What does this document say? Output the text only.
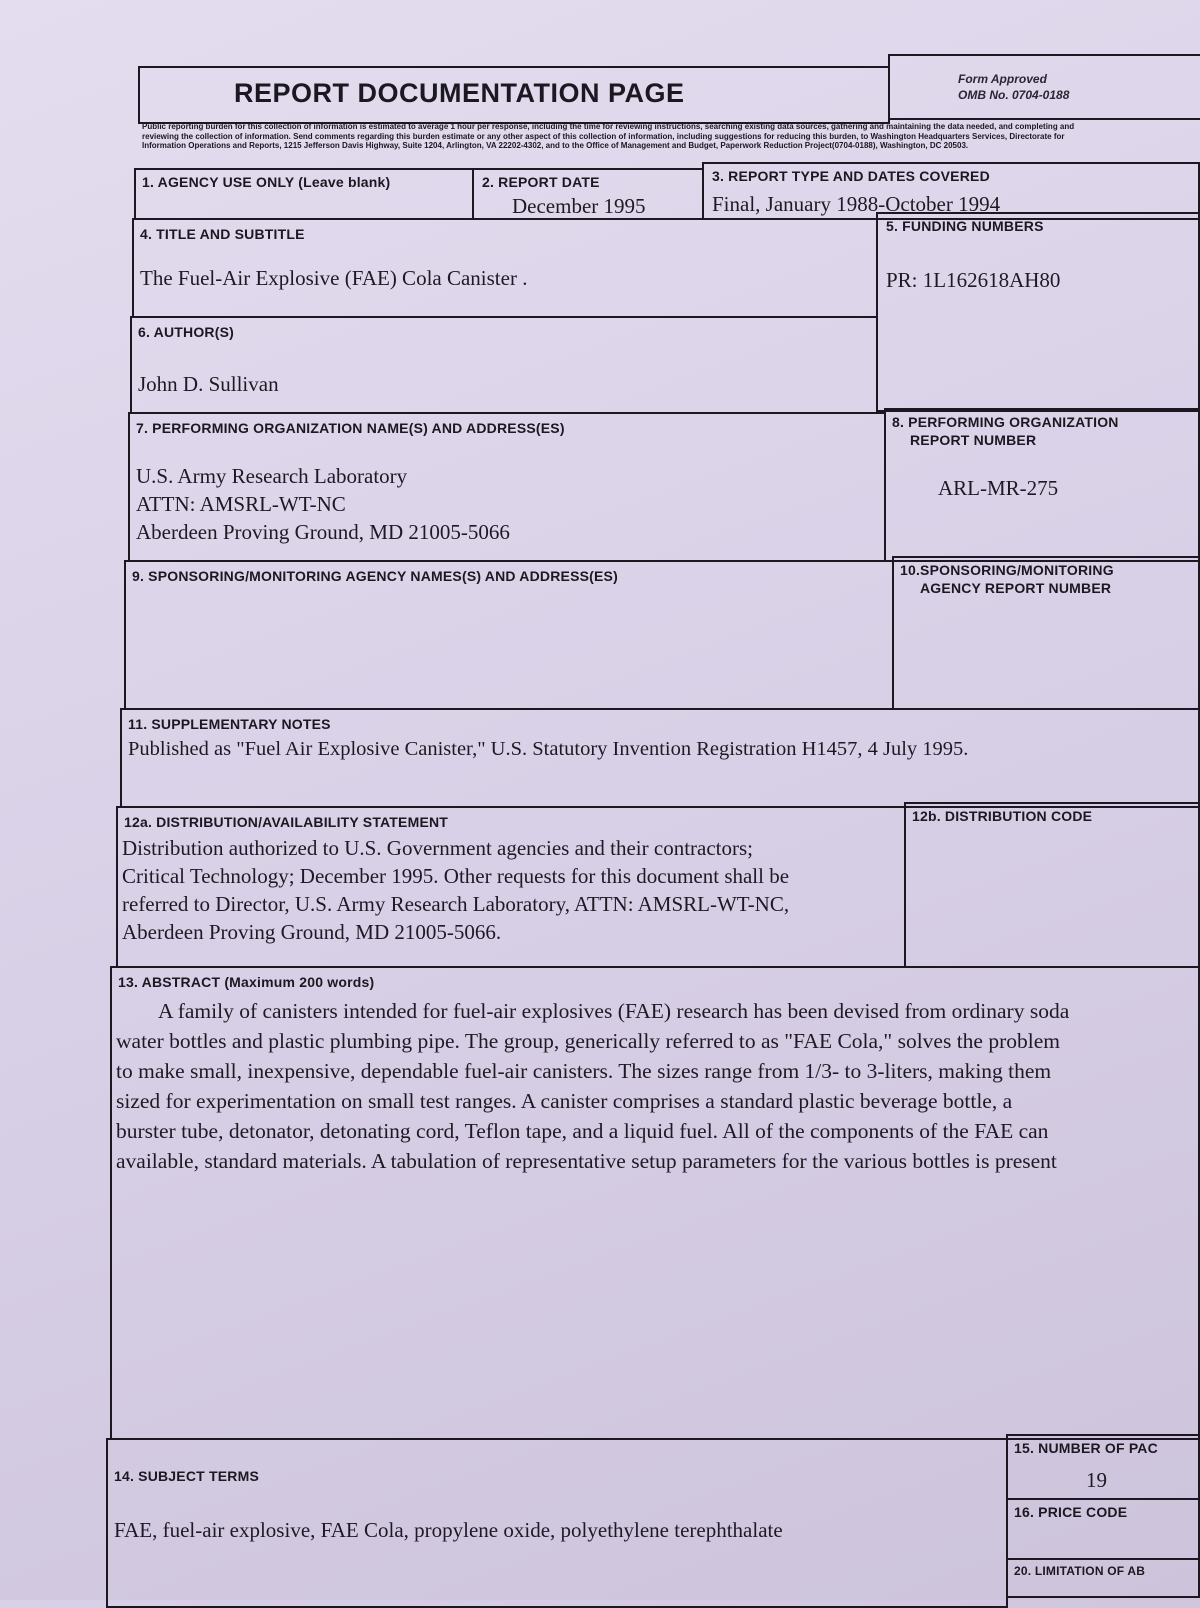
REPORT DOCUMENTATION PAGE	Form Approved
OMB No. 0704-0188
Public reporting burden for this collection of information is estimated to average 1 hour per response, including the time for reviewing instructions, searching existing data sources, gathering and maintaining the data needed, and completing and reviewing the collection of information. Send comments regarding this burden estimate or any other aspect of this collection of information, including suggestions for reducing this burden, to Washington Headquarters Services, Directorate for Information Operations and Reports, 1215 Jefferson Davis Highway, Suite 1204, Arlington, VA 22202-4302, and to the Office of Management and Budget, Paperwork Reduction Project(0704-0188), Washington, DC 20503.
1. AGENCY USE ONLY (Leave blank)	2. REPORT DATE
December 1995
3. REPORT TYPE AND DATES COVERED
Final, January 1988-October 1994
4. TITLE AND SUBTITLE
The Fuel-Air Explosive (FAE) Cola Canister .
5. FUNDING NUMBERS
PR: 1L162618AH80
6. AUTHOR(S)
John D. Sullivan
7. PERFORMING ORGANIZATION NAME(S) AND ADDRESS(ES)
U.S. Army Research Laboratory
ATTN: AMSRL-WT-NC
Aberdeen Proving Ground, MD 21005-5066
8. PERFORMING ORGANIZATION
REPORT NUMBER
ARL-MR-275
9. SPONSORING/MONITORING AGENCY NAMES(S) AND ADDRESS(ES)	10.SPONSORING/MONITORING
AGENCY REPORT NUMBER
11. SUPPLEMENTARY NOTES
Published as "Fuel Air Explosive Canister," U.S. Statutory Invention Registration H1457, 4 July 1995.
12a. DISTRIBUTION/AVAILABILITY STATEMENT
Distribution authorized to U.S. Government agencies and their contractors;
Critical Technology; December 1995. Other requests for this document shall be
referred to Director, U.S. Army Research Laboratory, ATTN: AMSRL-WT-NC,
Aberdeen Proving Ground, MD 21005-5066.
12b. DISTRIBUTION CODE
13. ABSTRACT (Maximum 200 words)
A family of canisters intended for fuel-air explosives (FAE) research has been devised from ordinary soda
water bottles and plastic plumbing pipe. The group, generically referred to as "FAE Cola," solves the problem
to make small, inexpensive, dependable fuel-air canisters. The sizes range from 1/3- to 3-liters, making them
sized for experimentation on small test ranges. A canister comprises a standard plastic beverage bottle, a
burster tube, detonator, detonating cord, Teflon tape, and a liquid fuel. All of the components of the FAE can
available, standard materials. A tabulation of representative setup parameters for the various bottles is present
14. SUBJECT TERMS
FAE, fuel-air explosive, FAE Cola, propylene oxide, polyethylene terephthalate
15. NUMBER OF PAC
19
16. PRICE CODE
20. LIMITATION OF AB
